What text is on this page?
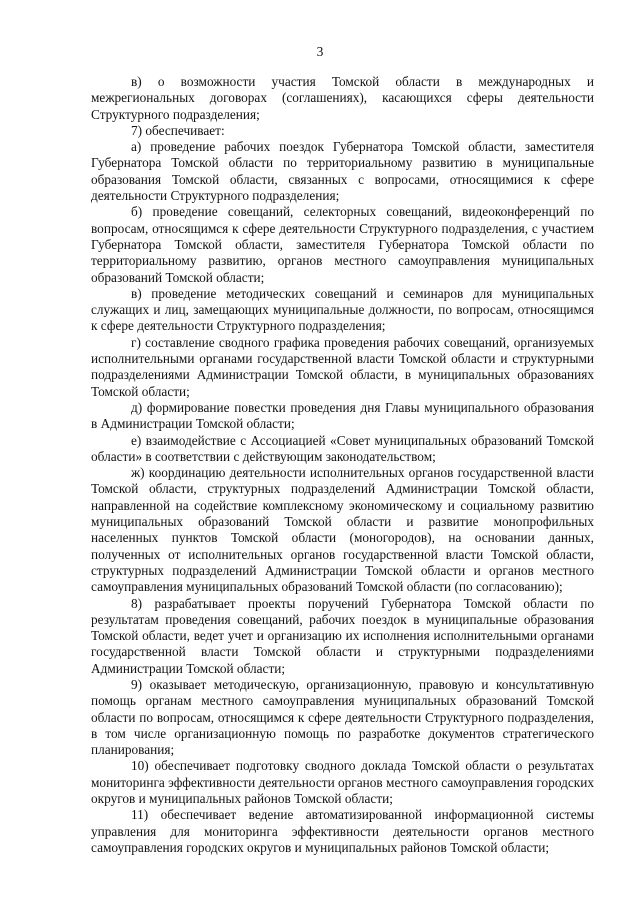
3

в) о возможности участия Томской области в международных и межрегиональных договорах (соглашениях), касающихся сферы деятельности Структурного подразделения;

7) обеспечивает:

а) проведение рабочих поездок Губернатора Томской области, заместителя Губернатора Томской области по территориальному развитию в муниципальные образования Томской области, связанных с вопросами, относящимися к сфере деятельности Структурного подразделения;

б) проведение совещаний, селекторных совещаний, видеоконференций по вопросам, относящимся к сфере деятельности Структурного подразделения, с участием Губернатора Томской области, заместителя Губернатора Томской области по территориальному развитию, органов местного самоуправления муниципальных образований Томской области;

в) проведение методических совещаний и семинаров для муниципальных служащих и лиц, замещающих муниципальные должности, по вопросам, относящимся к сфере деятельности Структурного подразделения;

г) составление сводного графика проведения рабочих совещаний, организуемых исполнительными органами государственной власти Томской области и структурными подразделениями Администрации Томской области, в муниципальных образованиях Томской области;

д) формирование повестки проведения дня Главы муниципального образования в Администрации Томской области;

е) взаимодействие с Ассоциацией «Совет муниципальных образований Томской области» в соответствии с действующим законодательством;

ж) координацию деятельности исполнительных органов государственной власти Томской области, структурных подразделений Администрации Томской области, направленной на содействие комплексному экономическому и социальному развитию муниципальных образований Томской области и развитие монопрофильных населенных пунктов Томской области (моногородов), на основании данных, полученных от исполнительных органов государственной власти Томской области, структурных подразделений Администрации Томской области и органов местного самоуправления муниципальных образований Томской области (по согласованию);

8) разрабатывает проекты поручений Губернатора Томской области по результатам проведения совещаний, рабочих поездок в муниципальные образования Томской области, ведет учет и организацию их исполнения исполнительными органами государственной власти Томской области и структурными подразделениями Администрации Томской области;

9) оказывает методическую, организационную, правовую и консультативную помощь органам местного самоуправления муниципальных образований Томской области по вопросам, относящимся к сфере деятельности Структурного подразделения, в том числе организационную помощь по разработке документов стратегического планирования;

10) обеспечивает подготовку сводного доклада Томской области о результатах мониторинга эффективности деятельности органов местного самоуправления городских округов и муниципальных районов Томской области;

11) обеспечивает ведение автоматизированной информационной системы управления для мониторинга эффективности деятельности органов местного самоуправления городских округов и муниципальных районов Томской области;
